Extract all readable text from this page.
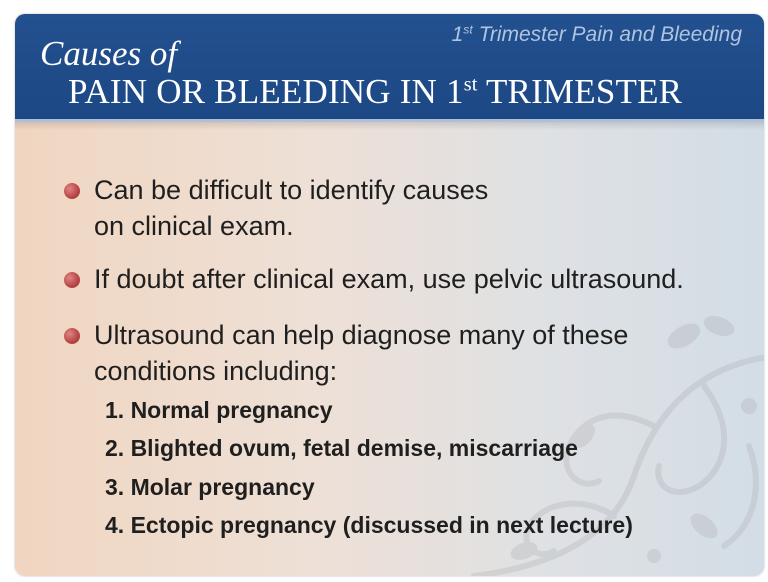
1st Trimester Pain and Bleeding
Causes of
PAIN OR BLEEDING IN 1st TRIMESTER
Can be difficult to identify causes
on clinical exam.
If doubt after clinical exam, use pelvic ultrasound.
Ultrasound can help diagnose many of these
conditions including:
1. Normal pregnancy
2. Blighted ovum, fetal demise, miscarriage
3. Molar pregnancy
4. Ectopic pregnancy (discussed in next lecture)
